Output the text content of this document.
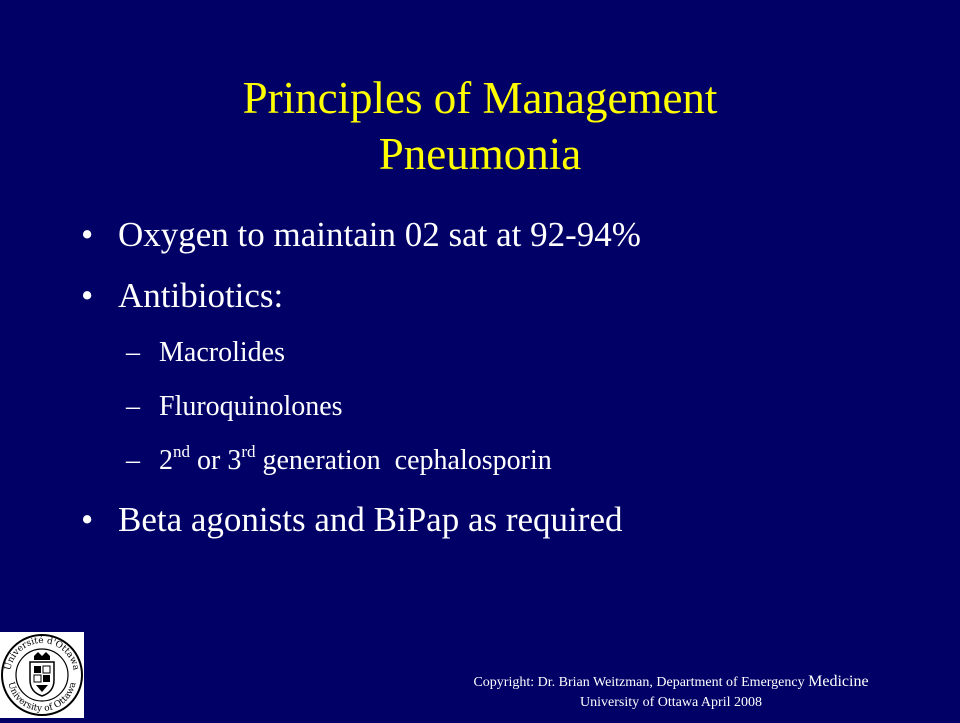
Principles of Management
Pneumonia
• Oxygen to maintain 02 sat at 92-94%
• Antibiotics:
– Macrolides
– Fluroquinolones
– 2nd or 3rd generation  cephalosporin
• Beta agonists and BiPap as required
Université d'Ottawa
University of Ottawa	Copyright: Dr. Brian Weitzman, Department of Emergency Medicine
University of Ottawa April 2008
